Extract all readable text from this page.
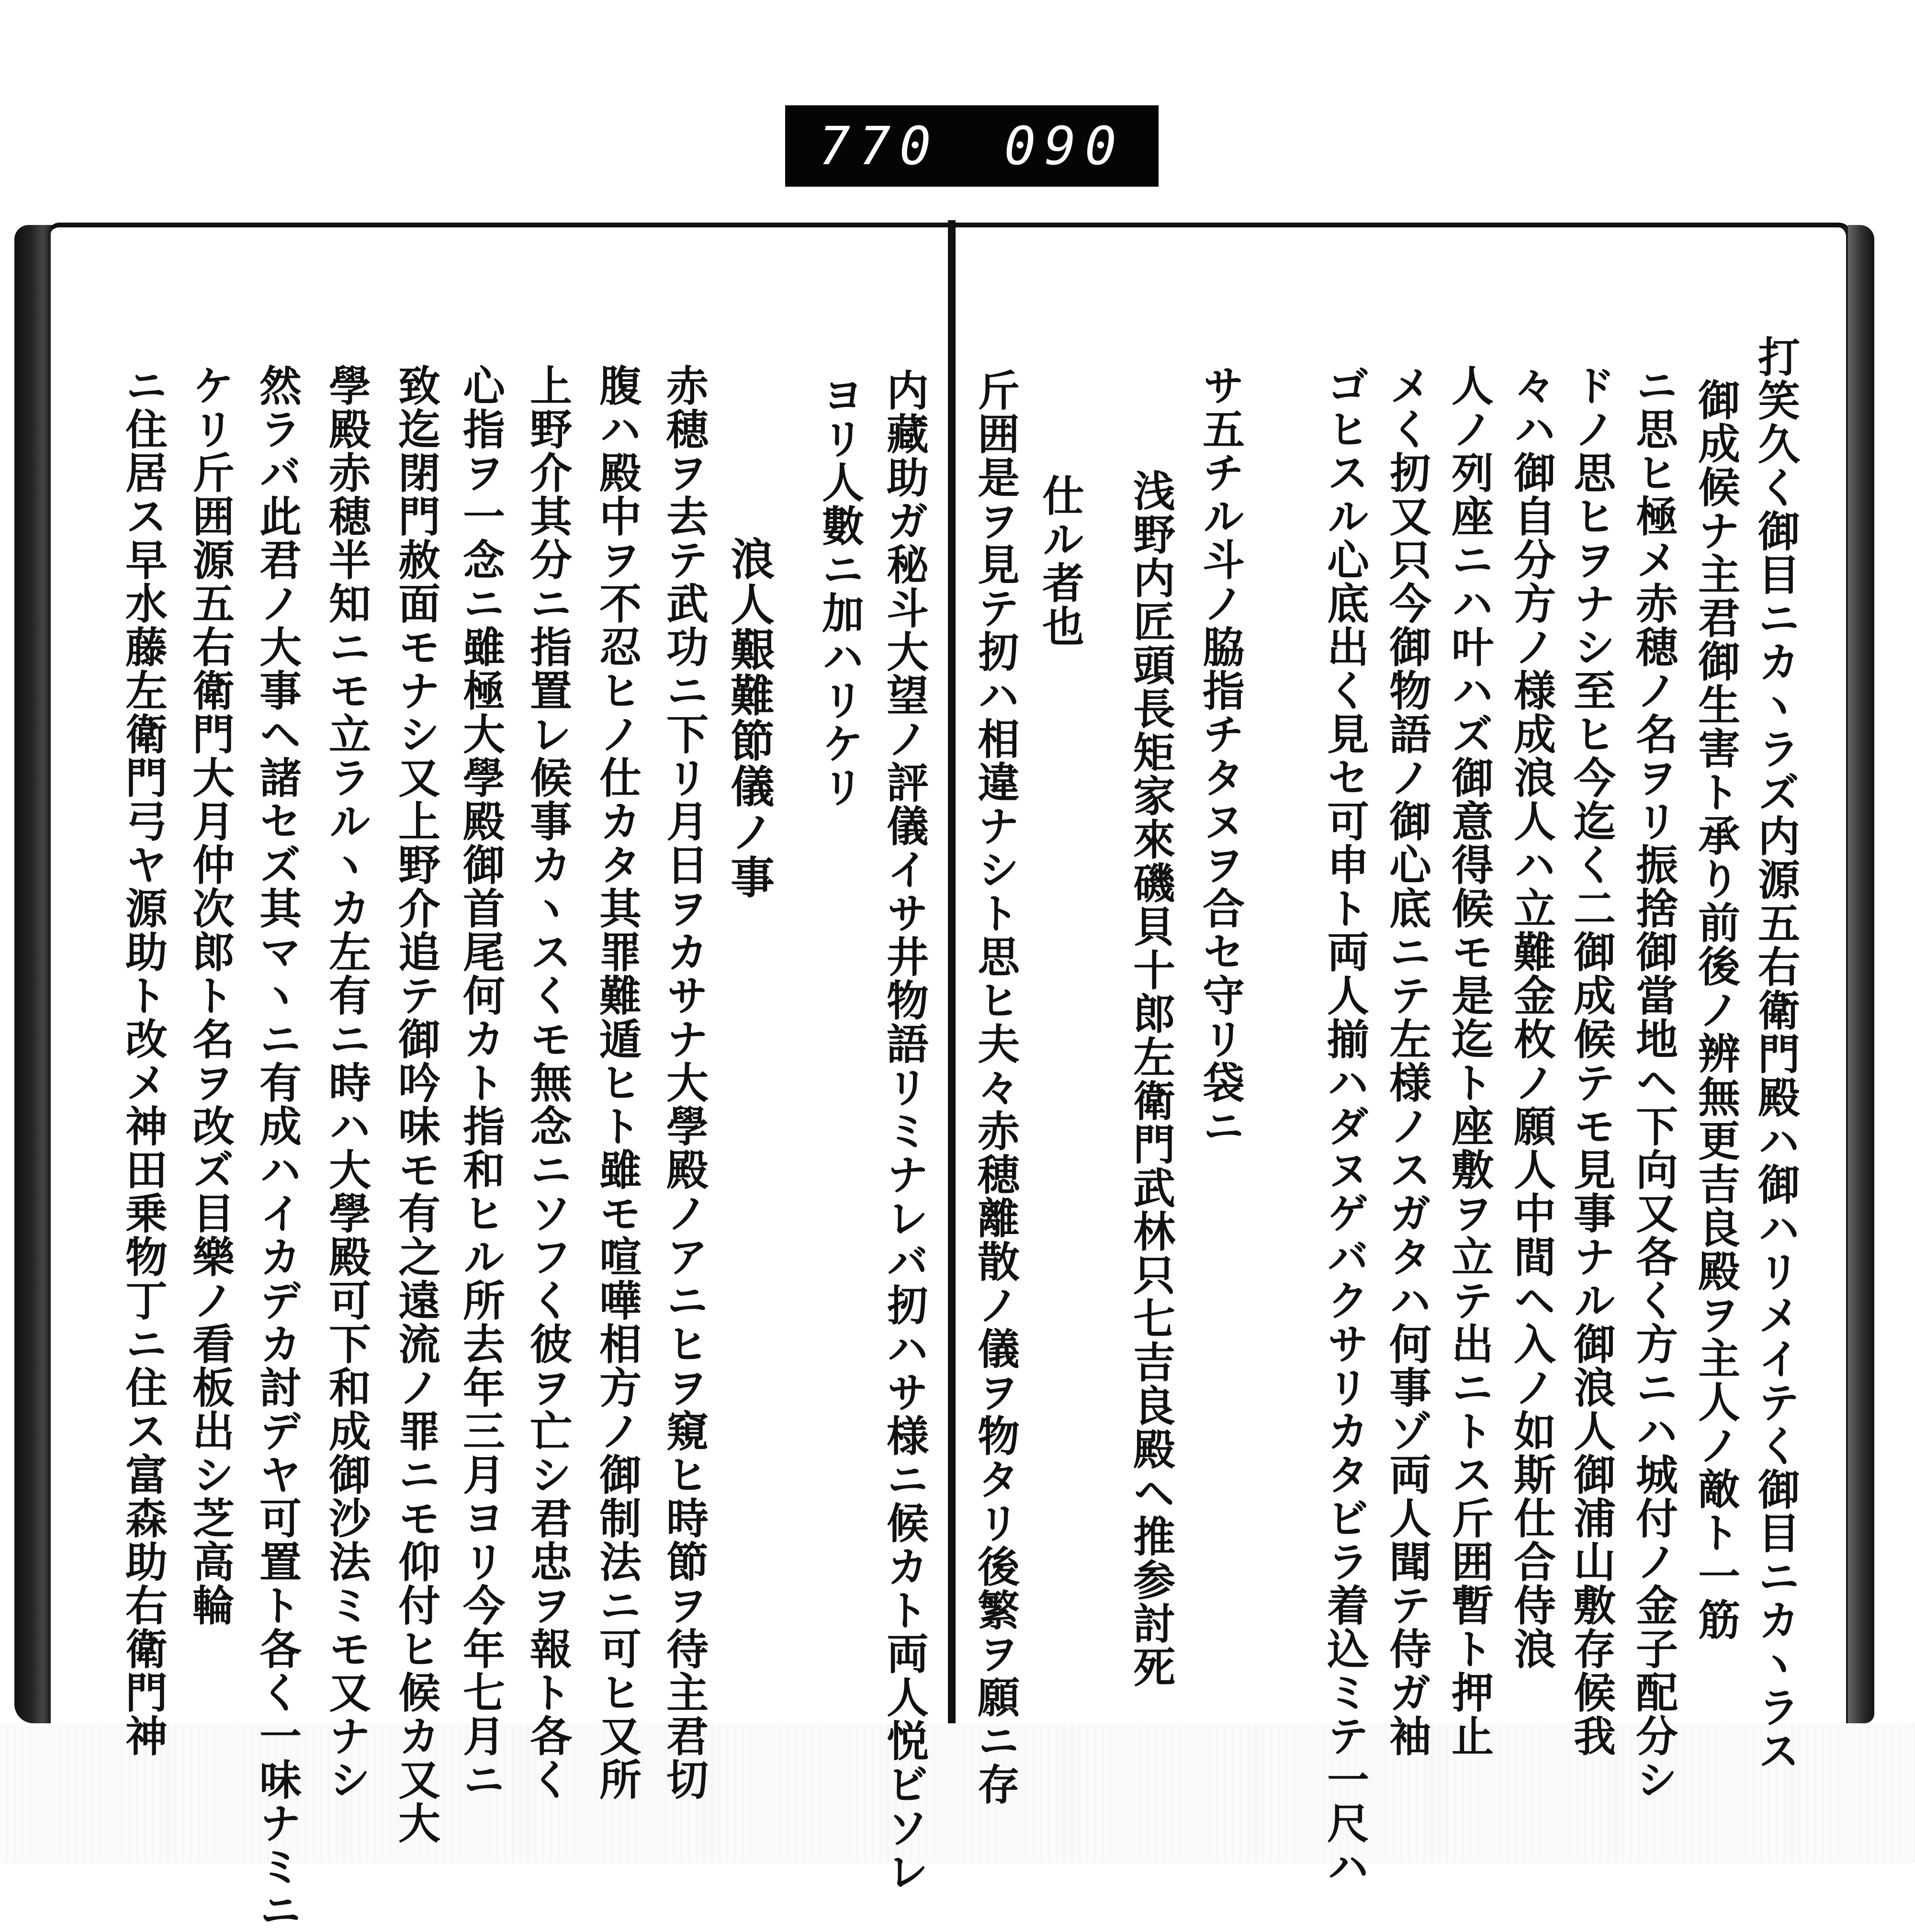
770 090
打笑久く御目ニカヽラズ内源五右衛門殿ハ御ハリメイテく御目ニカヽラス
御成候ナ主君御生害ト承り前後ノ辨無更吉良殿ヲ主人ノ敵ト一筋
ニ思ヒ極メ赤穂ノ名ヲリ振捨御當地ヘ下向又各く方ニハ城付ノ金子配分シ
ドノ思ヒヲナシ至ヒ今迄く二御成候テモ見事ナル御浪人御浦山敷存候我
々ハ御自分方ノ様成浪人ハ立難金枚ノ願人中間ヘ入ノ如斯仕合侍浪
人ノ列座ニハ叶ハズ御意得候モ是迄ト座敷ヲ立テ出ニトス斤囲暫ト押止
メく扨又只今御物語ノ御心底ニテ左様ノスガタハ何事ゾ両人聞テ侍ガ袖
ゴヒスル心底出く見セ可申ト両人揃ハダヌゲバクサリカタビラ着込ミテ一尺ハ
サ五チル斗ノ脇指チタヌヲ合セ守リ袋ニ
浅野内匠頭長矩家來磯貝十郎左衛門武林只七吉良殿ヘ推参討死
仕ル者也
斤囲是ヲ見テ扨ハ相違ナシト思ヒ夫々赤穂離散ノ儀ヲ物タリ後繁ヲ願ニ存
内藏助ガ秘斗大望ノ評儀イサ井物語リミナレバ扨ハサ様ニ候カト両人悦ビソレ
ヨリ人數ニ加ハリケリ
浪人艱難節儀ノ事
赤穂ヲ去テ武功ニ下リ月日ヲカサナ大學殿ノアニヒヲ窺ヒ時節ヲ待主君切
腹ハ殿中ヲ不忍ヒノ仕カタ其罪難遁ヒト雖モ喧嘩相方ノ御制法ニ可ヒ又所
上野介其分ニ指置レ候事カヽスくモ無念ニソフく彼ヲ亡シ君忠ヲ報ト各く
心指ヲ一念ニ雖極大學殿御首尾何カト指和ヒル所去年三月ヨリ今年七月ニ
致迄閉門赦面モナシ又上野介追テ御吟味モ有之遠流ノ罪ニモ仰付ヒ候カ又大
學殿赤穂半知ニモ立ラルヽカ左有ニ時ハ大學殿可下和成御沙法ミモ又ナシ
然ラバ此君ノ大事ヘ諸セズ其マヽニ有成ハイカデカ討デヤ可置ト各く一味ナミニ
ケリ斤囲源五右衛門大月仲次郎ト名ヲ改ズ目樂ノ看板出シ芝高輪
ニ住居ス早水藤左衛門弓ヤ源助ト改メ神田乗物丁ニ住ス富森助右衛門神
